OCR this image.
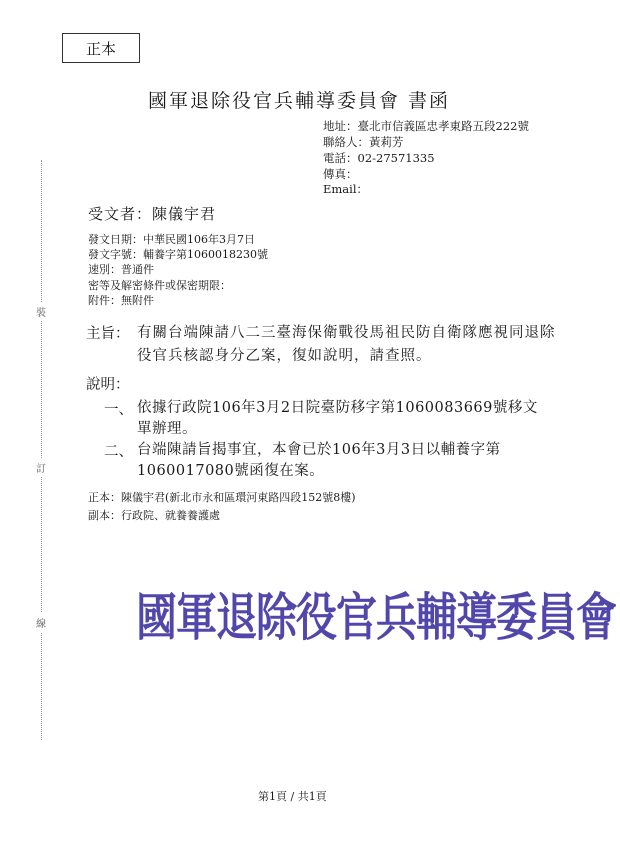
正本
國軍退除役官兵輔導委員會 書函
地址：臺北市信義區忠孝東路五段222號
聯絡人：黃莉芳
電話：02-27571335
傳真：
Email：
裝
訂
線
受文者：陳儀宇君
發文日期：中華民國106年3月7日
發文字號：輔養字第1060018230號
速別：普通件
密等及解密條件或保密期限：
附件：無附件
主旨： 有關台端陳請八二三臺海保衛戰役馬祖民防自衛隊應視同退除役官兵核認身分乙案，復如說明，請查照。
說明：
一、 依據行政院106年3月2日院臺防移字第1060083669號移文單辦理。
二、 台端陳請旨揭事宜，本會已於106年3月3日以輔養字第1060017080號函復在案。
正本：陳儀宇君(新北市永和區環河東路四段152號8樓)
副本：行政院、就養養護處
國軍退除役官兵輔導委員會
第1頁 / 共1頁
